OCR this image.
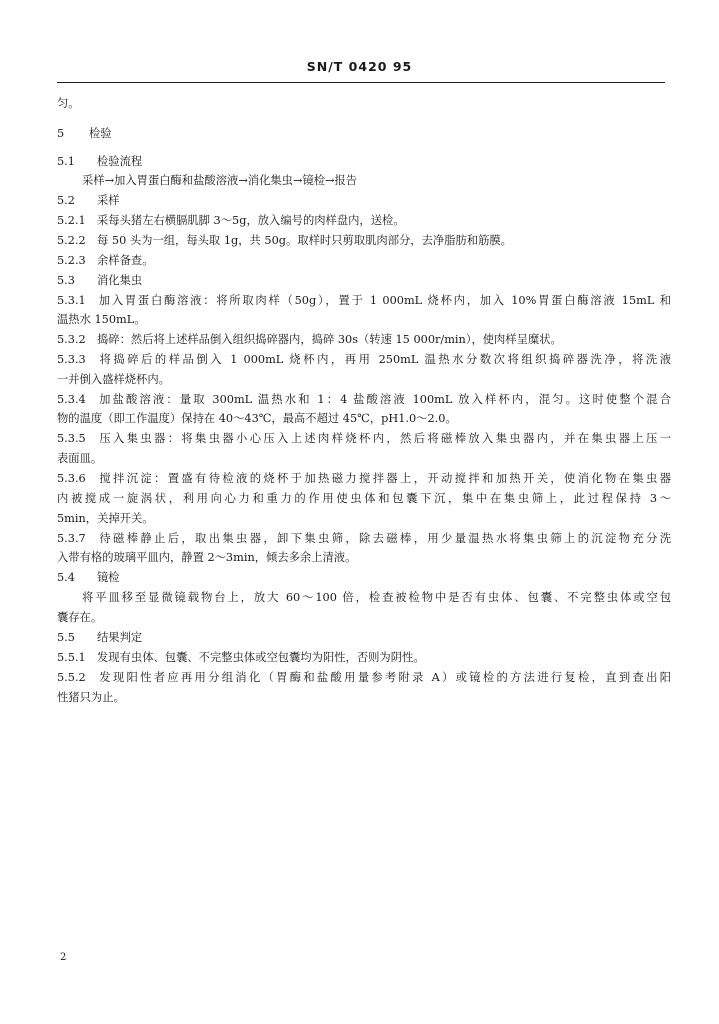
SN/T 0420 95
匀。
5 检验
5.1 检验流程
采样→加入胃蛋白酶和盐酸溶液→消化集虫→镜检→报告
5.2 采样
5.2.1 采每头猪左右横膈肌脚 3～5g，放入编号的肉样盘内，送检。
5.2.2 每 50 头为一组，每头取 1g，共 50g。取样时只剪取肌肉部分，去净脂肪和筋膜。
5.2.3 余样备查。
5.3 消化集虫
5.3.1 加入胃蛋白酶溶液：将所取肉样（50g），置于 1 000mL 烧杯内，加入 10%胃蛋白酶溶液 15mL 和
温热水 150mL。
5.3.2 捣碎：然后将上述样品倒入组织捣碎器内，捣碎 30s（转速 15 000r/min），使肉样呈糜状。
5.3.3 将捣碎后的样品倒入 1 000mL 烧杯内，再用 250mL 温热水分数次将组织捣碎器洗净，将洗液
一并倒入盛样烧杯内。
5.3.4 加盐酸溶液：量取 300mL 温热水和 1：4 盐酸溶液 100mL 放入样杯内，混匀。这时使整个混合
物的温度（即工作温度）保持在 40～43℃，最高不超过 45℃，pH1.0～2.0。
5.3.5 压入集虫器：将集虫器小心压入上述肉样烧杯内，然后将磁棒放入集虫器内，并在集虫器上压一
表面皿。
5.3.6 搅拌沉淀：置盛有待检液的烧杯于加热磁力搅拌器上，开动搅拌和加热开关，使消化物在集虫器
内被搅成一旋涡状，利用向心力和重力的作用使虫体和包囊下沉，集中在集虫筛上，此过程保持 3～
5min，关掉开关。
5.3.7 待磁棒静止后，取出集虫器，卸下集虫筛，除去磁棒，用少量温热水将集虫筛上的沉淀物充分洗
入带有格的玻璃平皿内，静置 2～3min，倾去多余上清液。
5.4 镜检
将平皿移至显微镜载物台上，放大 60～100 倍，检查被检物中是否有虫体、包囊、不完整虫体或空包
囊存在。
5.5 结果判定
5.5.1 发现有虫体、包囊、不完整虫体或空包囊均为阳性，否则为阴性。
5.5.2 发现阳性者应再用分组消化（胃酶和盐酸用量参考附录 A）或镜检的方法进行复检，直到查出阳
性猪只为止。
2
